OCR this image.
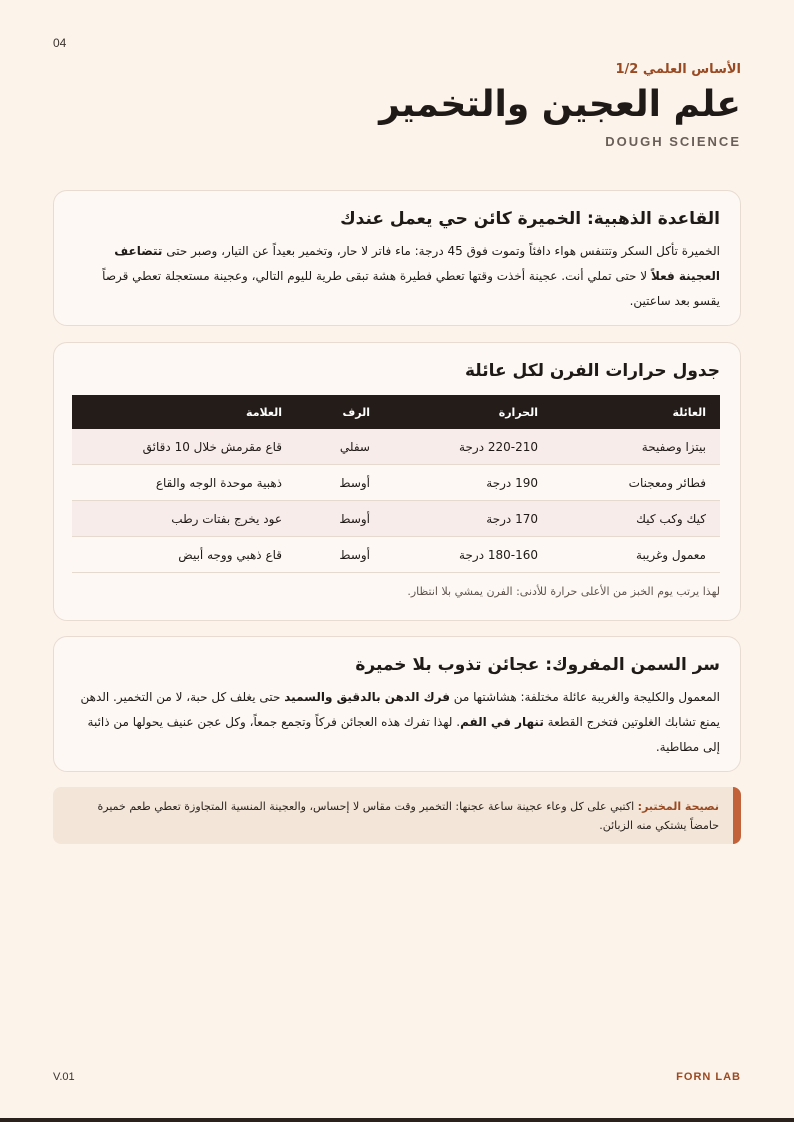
04

الأساس العلمي 1/2

علم العجين والتخمير
DOUGH SCIENCE
القاعدة الذهبية: الخميرة كائن حي يعمل عندك

الخميرة تأكل السكر وتتنفس هواء دافئاً وتموت فوق 45 درجة: ماء فاتر لا حار، وتخمير بعيداً عن التيار، وصبر حتى تتضاعف العجينة فعلاً لا حتى تملي أنت. عجينة أخذت وقتها تعطي فطيرة هشة تبقى طرية لليوم التالي، وعجينة مستعجلة تعطي قرصاً يقسو بعد ساعتين.

جدول حرارات الفرن لكل عائلة
العائلة	الحرارة	الرف	العلامة
بيتزا وصفيحة	220-210 درجة	سفلي	قاع مقرمش خلال 10 دقائق
فطائر ومعجنات	190 درجة	أوسط	ذهبية موحدة الوجه والقاع
كيك وكب كيك	170 درجة	أوسط	عود يخرج بفتات رطب
معمول وغريبة	180-160 درجة	أوسط	قاع ذهبي ووجه أبيض
لهذا يرتب يوم الخبز من الأعلى حرارة للأدنى: الفرن يمشي بلا انتظار.
سر السمن المفروك: عجائن تذوب بلا خميرة

المعمول والكليجة والغريبة عائلة مختلفة: هشاشتها من فرك الدهن بالدقيق والسميد حتى يغلف كل حبة، لا من التخمير. الدهن يمنع تشابك الغلوتين فتخرج القطعة تنهار في الفم. لهذا تفرك هذه العجائن فركاً وتجمع جمعاً، وكل عجن عنيف يحولها من ذائبة إلى مطاطية.

نصيحة المختبر: اكتبي على كل وعاء عجينة ساعة عجنها: التخمير وقت مقاس لا إحساس، والعجينة المنسية المتجاوزة تعطي طعم خميرة حامضاً يشتكي منه الزبائن.
V.01	FORN LAB
